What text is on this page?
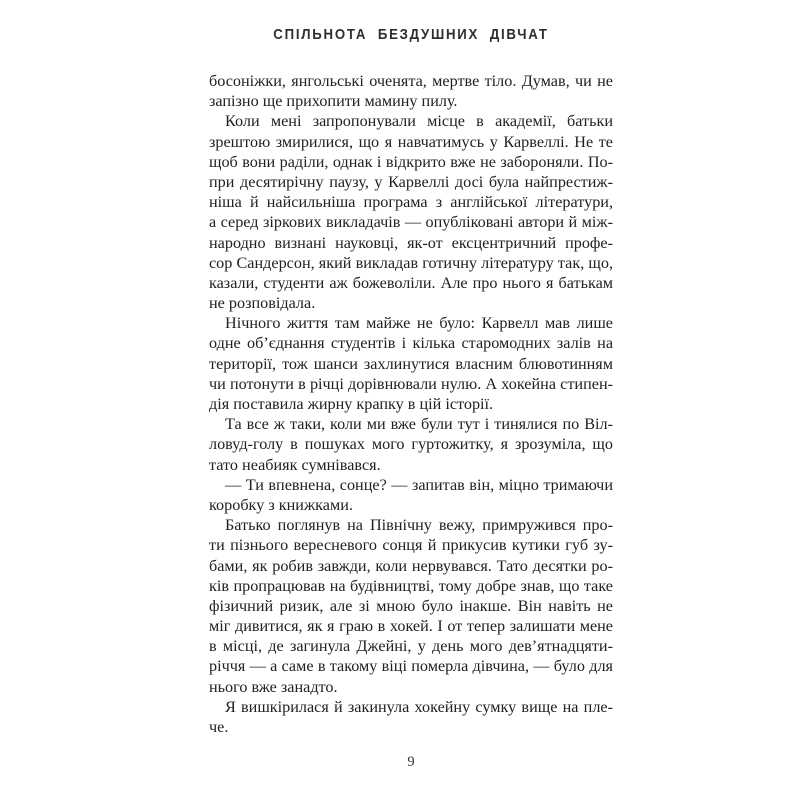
СПІЛЬНОТА БЕЗДУШНИХ ДІВЧАТ
босоніжки, янгольські оченята, мертве тіло. Думав, чи не
запізно ще прихопити мамину пилу.
Коли мені запропонували місце в академії, батьки
зрештою змирилися, що я навчатимусь у Карвеллі. Не те
щоб вони раділи, однак і відкрито вже не забороняли. По-
при десятирічну паузу, у Карвеллі досі була найпрестиж-
ніша й найсильніша програма з англійської літератури,
а серед зіркових викладачів — опубліковані автори й між-
народно визнані науковці, як-от ексцентричний профе-
сор Сандерсон, який викладав готичну літературу так, що,
казали, студенти аж божеволіли. Але про нього я батькам
не розповідала.
Нічного життя там майже не було: Карвелл мав лише
одне об’єднання студентів і кілька старомодних залів на
території, тож шанси захлинутися власним блювотинням
чи потонути в річці дорівнювали нулю. А хокейна стипен-
дія поставила жирну крапку в цій історії.
Та все ж таки, коли ми вже були тут і тинялися по Віл-
ловуд-голу в пошуках мого гуртожитку, я зрозуміла, що
тато неабияк сумнівався.
— Ти впевнена, сонце? — запитав він, міцно тримаючи
коробку з книжками.
Батько поглянув на Північну вежу, примружився про-
ти пізнього вересневого сонця й прикусив кутики губ зу-
бами, як робив завжди, коли нервувався. Тато десятки ро-
ків пропрацював на будівництві, тому добре знав, що таке
фізичний ризик, але зі мною було інакше. Він навіть не
міг дивитися, як я граю в хокей. І от тепер залишати мене
в місці, де загинула Джейні, у день мого дев’ятнадцяти-
річчя — а саме в такому віці померла дівчина, — було для
нього вже занадто.
Я вишкірилася й закинула хокейну сумку вище на пле-
че.
9
